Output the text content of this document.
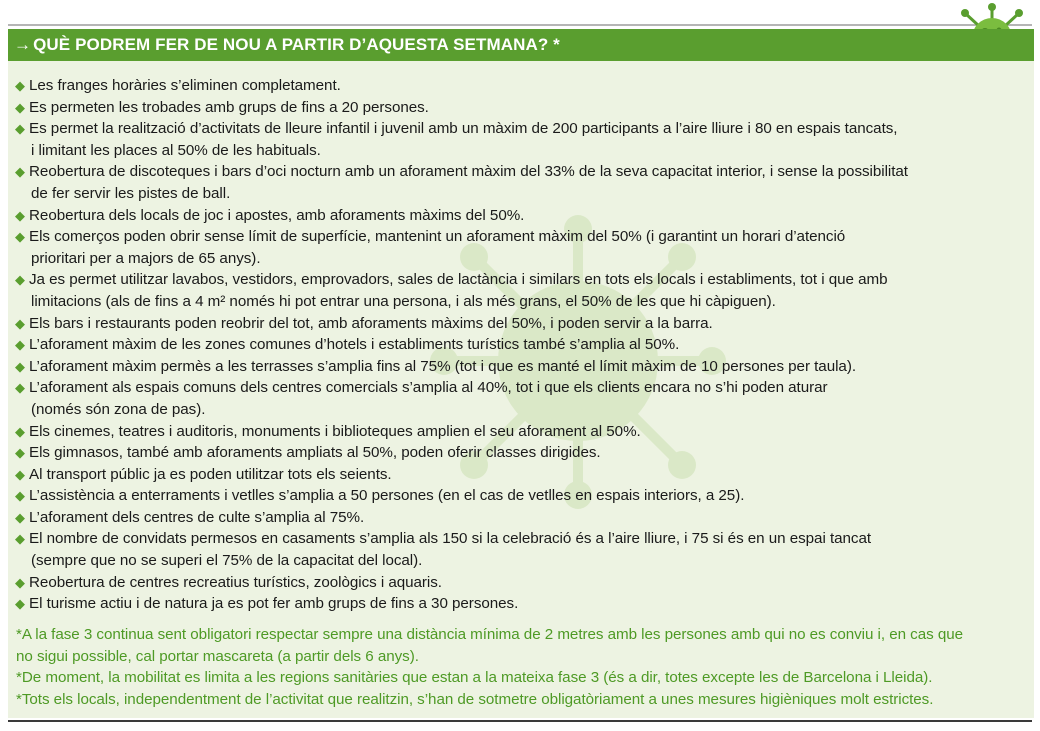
→ QUÈ PODREM FER DE NOU A PARTIR D’AQUESTA SETMANA? *
◆ Les franges horàries s’eliminen completament.
◆ Es permeten les trobades amb grups de fins a 20 persones.
◆ Es permet la realització d’activitats de lleure infantil i juvenil amb un màxim de 200 participants a l’aire lliure i 80 en espais tancats,
i limitant les places al 50% de les habituals.
◆ Reobertura de discoteques i bars d’oci nocturn amb un aforament màxim del 33% de la seva capacitat interior, i sense la possibilitat
de fer servir les pistes de ball.
◆ Reobertura dels locals de joc i apostes, amb aforaments màxims del 50%.
◆ Els comerços poden obrir sense límit de superfície, mantenint un aforament màxim del 50% (i garantint un horari d’atenció
prioritari per a majors de 65 anys).
◆ Ja es permet utilitzar lavabos, vestidors, emprovadors, sales de lactància i similars en tots els locals i establiments, tot i que amb
limitacions (als de fins a 4 m² només hi pot entrar una persona, i als més grans, el 50% de les que hi càpiguen).
◆ Els bars i restaurants poden reobrir del tot, amb aforaments màxims del 50%, i poden servir a la barra.
◆ L’aforament màxim de les zones comunes d’hotels i establiments turístics també s’amplia al 50%.
◆ L’aforament màxim permès a les terrasses s’amplia fins al 75% (tot i que es manté el límit màxim de 10 persones per taula).
◆ L’aforament als espais comuns dels centres comercials s’amplia al 40%, tot i que els clients encara no s’hi poden aturar
(només són zona de pas).
◆ Els cinemes, teatres i auditoris, monuments i biblioteques amplien el seu aforament al 50%.
◆ Els gimnasos, també amb aforaments ampliats al 50%, poden oferir classes dirigides.
◆ Al transport públic ja es poden utilitzar tots els seients.
◆ L’assistència a enterraments i vetlles s’amplia a 50 persones (en el cas de vetlles en espais interiors, a 25).
◆ L’aforament dels centres de culte s’amplia al 75%.
◆ El nombre de convidats permesos en casaments s’amplia als 150 si la celebració és a l’aire lliure, i 75 si és en un espai tancat
(sempre que no se superi el 75% de la capacitat del local).
◆ Reobertura de centres recreatius turístics, zoològics i aquaris.
◆ El turisme actiu i de natura ja es pot fer amb grups de fins a 30 persones.

*A la fase 3 continua sent obligatori respectar sempre una distància mínima de 2 metres amb les persones amb qui no es conviu i, en cas que

no sigui possible, cal portar mascareta (a partir dels 6 anys).

*De moment, la mobilitat es limita a les regions sanitàries que estan a la mateixa fase 3 (és a dir, totes excepte les de Barcelona i Lleida).

*Tots els locals, independentment de l’activitat que realitzin, s’han de sotmetre obligatòriament a unes mesures higièniques molt estrictes.
